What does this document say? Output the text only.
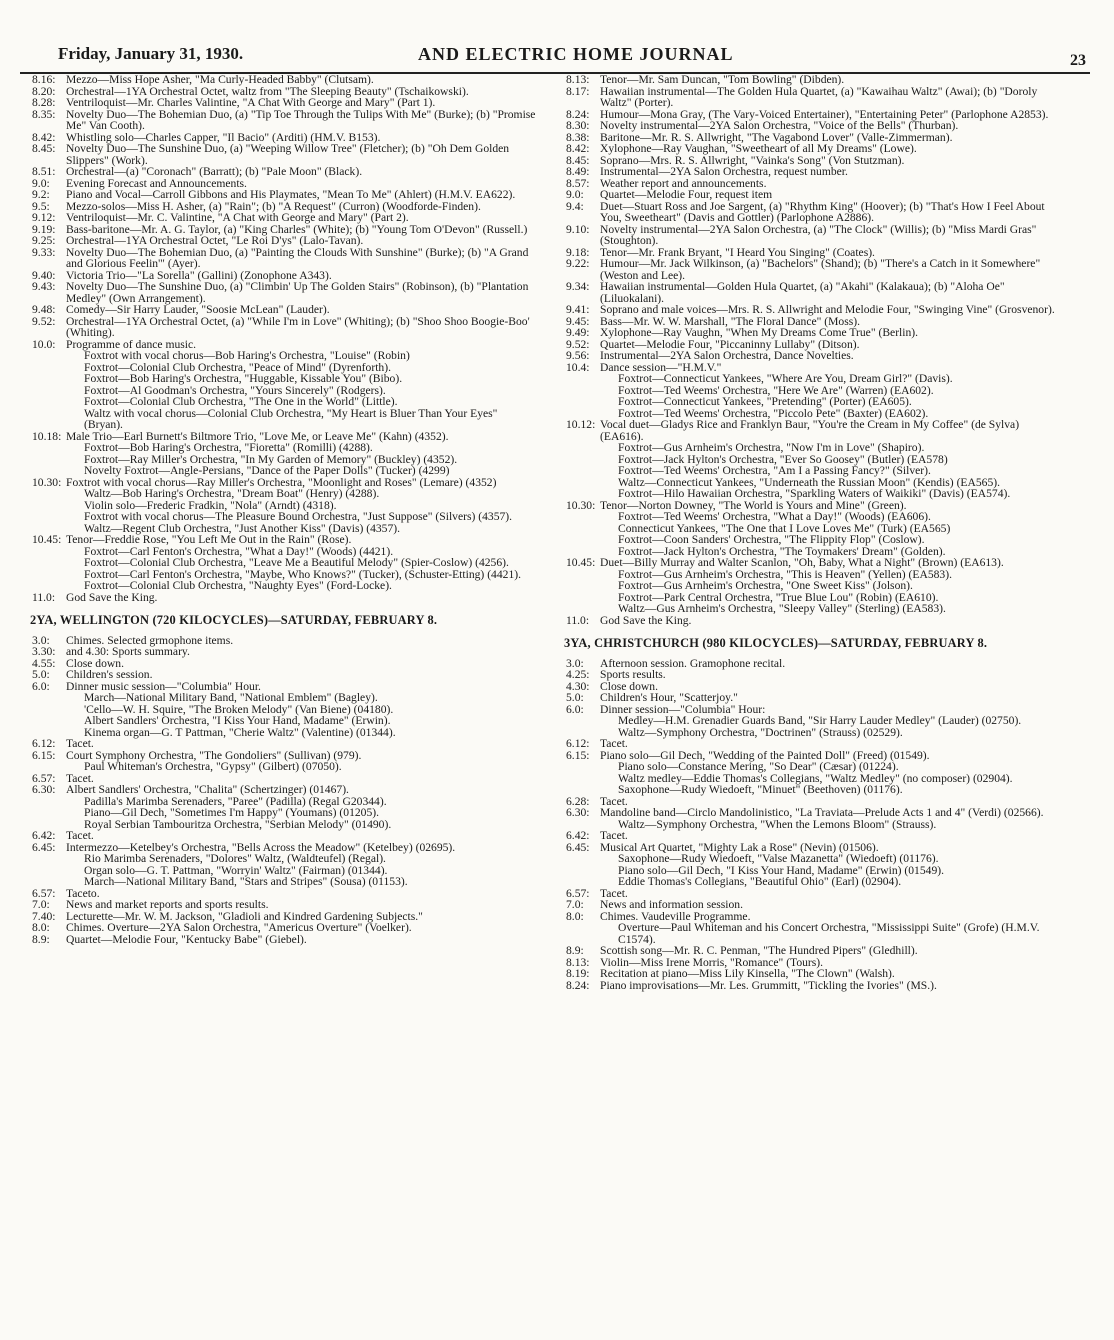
Friday, January 31, 1930.	AND ELECTRIC HOME JOURNAL	23
8.16: Mezzo—Miss Hope Asher, "Ma Curly-Headed Babby" (Clutsam).
8.20: Orchestral—1YA Orchestral Octet, waltz from "The Sleeping Beauty" (Tschaikowski).
8.28: Ventriloquist—Mr. Charles Valintine, "A Chat With George and Mary" (Part 1).
8.35: Novelty Duo—The Bohemian Duo, (a) "Tip Toe Through the Tulips With Me" (Burke); (b) "Promise Me" Van Cooth).
8.42: Whistling solo—Charles Capper, "Il Bacio" (Arditi) (HM.V. B153).
8.45: Novelty Duo—The Sunshine Duo, (a) "Weeping Willow Tree" (Fletcher); (b) "Oh Dem Golden Slippers" (Work).
8.51: Orchestral—(a) "Coronach" (Barratt); (b) "Pale Moon" (Black).
9.0:	Evening Forecast and Announcements.
9.2:	Piano and Vocal—Carroll Gibbons and His Playmates, "Mean To Me" (Ahlert) (H.M.V. EA622).
9.5:	Mezzo-solos—Miss H. Asher, (a) "Rain"; (b) "A Request" (Curron) (Woodforde-Finden).
9.12: Ventriloquist—Mr. C. Valintine, "A Chat with George and Mary" (Part 2).
9.19: Bass-baritone—Mr. A. G. Taylor, (a) "King Charles" (White); (b) "Young Tom O'Devon" (Russell.)
9.25: Orchestral—1YA Orchestral Octet, "Le Roi D'ys" (Lalo-Tavan).
9.33: Novelty Duo—The Bohemian Duo, (a) "Painting the Clouds With Sunshine" (Burke); (b) "A Grand and Glorious Feelin'" (Ayer).
9.40: Victoria Trio—"La Sorella" (Gallini) (Zonophone A343).
9.43: Novelty Duo—The Sunshine Duo, (a) "Climbin' Up The Golden Stairs" (Robinson), (b) "Plantation Medley" (Own Arrangement).
9.48: Comedy—Sir Harry Lauder, "Soosie McLean" (Lauder).
9.52: Orchestral—1YA Orchestral Octet, (a) "While I'm in Love" (Whiting); (b) "Shoo Shoo Boogie-Boo' (Whiting).
10.0: Programme of dance music.
Foxtrot with vocal chorus—Bob Haring's Orchestra, "Louise" (Robin)
Foxtrot—Colonial Club Orchestra, "Peace of Mind" (Dyrenforth).
Foxtrot—Bob Haring's Orchestra, "Huggable, Kissable You" (Bibo).
Foxtrot—Al Goodman's Orchestra, "Yours Sincerely" (Rodgers).
Foxtrot—Colonial Club Orchestra, "The One in the World" (Little).
Waltz with vocal chorus—Colonial Club Orchestra, "My Heart is Bluer Than Your Eyes" (Bryan).
10.18: Male Trio—Earl Burnett's Biltmore Trio, "Love Me, or Leave Me" (Kahn) (4352).
Foxtrot—Bob Haring's Orchestra, "Fioretta" (Romilli) (4288).
Foxtrot—Ray Miller's Orchestra, "In My Garden of Memory" (Buckley) (4352).
Novelty Foxtrot—Angle-Persians, "Dance of the Paper Dolls" (Tucker) (4299)
10.30: Foxtrot with vocal chorus—Ray Miller's Orchestra, "Moonlight and Roses" (Lemare) (4352)
Waltz—Bob Haring's Orchestra, "Dream Boat" (Henry) (4288).
Violin solo—Frederic Fradkin, "Nola" (Arndt) (4318).
Foxtrot with vocal chorus—The Pleasure Bound Orchestra, "Just Suppose" (Silvers) (4357).
Waltz—Regent Club Orchestra, "Just Another Kiss" (Davis) (4357).
10.45: Tenor—Freddie Rose, "You Left Me Out in the Rain" (Rose).
Foxtrot—Carl Fenton's Orchestra, "What a Day!" (Woods) (4421).
Foxtrot—Colonial Club Orchestra, "Leave Me a Beautiful Melody" (Spier-Coslow) (4256).
Foxtrot—Carl Fenton's Orchestra, "Maybe, Who Knows?" (Tucker), (Schuster-Etting) (4421).
Foxtrot—Colonial Club Orchestra, "Naughty Eyes" (Ford-Locke).
11.0: God Save the King.
2YA, WELLINGTON (720 KILOCYCLES)—SATURDAY, FEBRUARY 8.
3.0:	Chimes. Selected grmophone items.
3.30: and 4.30: Sports summary.
4.55: Close down.
5.0:	Children's session.
6.0:	Dinner music session—"Columbia" Hour.
March—National Military Band, "National Emblem" (Bagley).
'Cello—W. H. Squire, "The Broken Melody" (Van Biene) (04180).
Albert Sandlers' Orchestra, "I Kiss Your Hand, Madame" (Erwin).
Kinema organ—G. T Pattman, "Cherie Waltz" (Valentine) (01344).
6.12: Tacet.
6.15: Court Symphony Orchestra, "The Gondoliers" (Sullivan) (979).
Paul Whiteman's Orchestra, "Gypsy" (Gilbert) (07050).
6.57: Tacet.
6.30: Albert Sandlers' Orchestra, "Chalita" (Schertzinger) (01467).
Padilla's Marimba Serenaders, "Paree" (Padilla) (Regal G20344).
Piano—Gil Dech, "Sometimes I'm Happy" (Youmans) (01205).
Royal Serbian Tambouritza Orchestra, "Serbian Melody" (01490).
6.42: Tacet.
6.45: Intermezzo—Ketelbey's Orchestra, "Bells Across the Meadow" (Ketelbey) (02695).
Rio Marimba Serenaders, "Dolores" Waltz, (Waldteufel) (Regal).
Organ solo—G. T. Pattman, "Worryin' Waltz" (Fairman) (01344).
March—National Military Band, "Stars and Stripes" (Sousa) (01153).
6.57: Taceto.
7.0:	News and market reports and sports results.
7.40: Lecturette—Mr. W. M. Jackson, "Gladioli and Kindred Gardening Subjects."
8.0:	Chimes. Overture—2YA Salon Orchestra, "Americus Overture" (Voelker).
8.9:	Quartet—Melodie Four, "Kentucky Babe" (Giebel).
8.13: Tenor—Mr. Sam Duncan, "Tom Bowling" (Dibden).
8.17: Hawaiian instrumental—The Golden Hula Quartet, (a) "Kawaihau Waltz" (Awai); (b) "Doroly Waltz" (Porter).
8.24: Humour—Mona Gray, (The Vary-Voiced Entertainer), "Entertaining Peter" (Parlophone A2853).
8.30: Novelty instrumental—2YA Salon Orchestra, "Voice of the Bells" (Thurban).
8.38: Baritone—Mr. R. S. Allwright, "The Vagabond Lover" (Valle-Zimmerman).
8.42: Xylophone—Ray Vaughan, "Sweetheart of all My Dreams" (Lowe).
8.45: Soprano—Mrs. R. S. Allwright, "Vainka's Song" (Von Stutzman).
8.49: Instrumental—2YA Salon Orchestra, request number.
8.57: Weather report and announcements.
9.0:	Quartet—Melodie Four, request item
9.4:	Duet—Stuart Ross and Joe Sargent, (a) "Rhythm King" (Hoover); (b) "That's How I Feel About You, Sweetheart" (Davis and Gottler) (Parlophone A2886).
9.10: Novelty instrumental—2YA Salon Orchestra, (a) "The Clock" (Willis); (b) "Miss Mardi Gras" (Stoughton).
9.18: Tenor—Mr. Frank Bryant, "I Heard You Singing" (Coates).
9.22: Humour—Mr. Jack Wilkinson, (a) "Bachelors" (Shand); (b) "There's a Catch in it Somewhere" (Weston and Lee).
9.34: Hawaiian instrumental—Golden Hula Quartet, (a) "Akahi" (Kalakaua); (b) "Aloha Oe" (Liluokalani).
9.41: Soprano and male voices—Mrs. R. S. Allwright and Melodie Four, "Swinging Vine" (Grosvenor).
9.45: Bass—Mr. W. W. Marshall, "The Floral Dance" (Moss).
9.49: Xylophone—Ray Vaughn, "When My Dreams Come True" (Berlin).
9.52: Quartet—Melodie Four, "Piccaninny Lullaby" (Ditson).
9.56: Instrumental—2YA Salon Orchestra, Dance Novelties.
10.4: Dance session—"H.M.V."
Foxtrot—Connecticut Yankees, "Where Are You, Dream Girl?" (Davis).
Foxtrot—Ted Weems' Orchestra, "Here We Are" (Warren) (EA602).
Foxtrot—Connecticut Yankees, "Pretending" (Porter) (EA605).
Foxtrot—Ted Weems' Orchestra, "Piccolo Pete" (Baxter) (EA602).
10.12: Vocal duet—Gladys Rice and Franklyn Baur, "You're the Cream in My Coffee" (de Sylva) (EA616).
Foxtrot—Gus Arnheim's Orchestra, "Now I'm in Love" (Shapiro).
Foxtrot—Jack Hylton's Orchestra, "Ever So Goosey" (Butler) (EA578)
Foxtrot—Ted Weems' Orchestra, "Am I a Passing Fancy?" (Silver).
Waltz—Connecticut Yankees, "Underneath the Russian Moon" (Kendis) (EA565).
Foxtrot—Hilo Hawaiian Orchestra, "Sparkling Waters of Waikiki" (Davis) (EA574).
10.30: Tenor—Norton Downey, "The World is Yours and Mine" (Green).
Foxtrot—Ted Weems' Orchestra, "What a Day!" (Woods) (EA606).
Connecticut Yankees, "The One that I Love Loves Me" (Turk) (EA565)
Foxtrot—Coon Sanders' Orchestra, "The Flippity Flop" (Coslow).
Foxtrot—Jack Hylton's Orchestra, "The Toymakers' Dream" (Golden).
10.45: Duet—Billy Murray and Walter Scanlon, "Oh, Baby, What a Night" (Brown) (EA613).
Foxtrot—Gus Arnheim's Orchestra, "This is Heaven" (Yellen) (EA583).
Foxtrot—Gus Arnheim's Orchestra, "One Sweet Kiss" (Jolson).
Foxtrot—Park Central Orchestra, "True Blue Lou" (Robin) (EA610).
Waltz—Gus Arnheim's Orchestra, "Sleepy Valley" (Sterling) (EA583).
11.0: God Save the King.
3YA, CHRISTCHURCH (980 KILOCYCLES)—SATURDAY, FEBRUARY 8.
3.0:	Afternoon session. Gramophone recital.
4.25: Sports results.
4.30: Close down.
5.0:	Children's Hour, "Scatterjoy."
6.0:	Dinner session—"Columbia" Hour:
Medley—H.M. Grenadier Guards Band, "Sir Harry Lauder Medley" (Lauder) (02750).
Waltz—Symphony Orchestra, "Doctrinen" (Strauss) (02529).
6.12: Tacet.
6.15: Piano solo—Gil Dech, "Wedding of the Painted Doll" (Freed) (01549).
Piano solo—Constance Mering, "So Dear" (Cæsar) (01224).
Waltz medley—Eddie Thomas's Collegians, "Waltz Medley" (no composer) (02904).
Saxophone—Rudy Wiedoeft, "Minuet" (Beethoven) (01176).
6.28: Tacet.
6.30: Mandoline band—Circlo Mandolinistico, "La Traviata—Prelude Acts 1 and 4" (Verdi) (02566).
Waltz—Symphony Orchestra, "When the Lemons Bloom" (Strauss).
6.42: Tacet.
6.45: Musical Art Quartet, "Mighty Lak a Rose" (Nevin) (01506).
Saxophone—Rudy Wiedoeft, "Valse Mazanetta" (Wiedoeft) (01176).
Piano solo—Gil Dech, "I Kiss Your Hand, Madame" (Erwin) (01549).
Eddie Thomas's Collegians, "Beautiful Ohio" (Earl) (02904).
6.57: Tacet.
7.0:	News and information session.
8.0:	Chimes. Vaudeville Programme.
Overture—Paul Whiteman and his Concert Orchestra, "Mississippi Suite" (Grofe) (H.M.V. C1574).
8.9:	Scottish song—Mr. R. C. Penman, "The Hundred Pipers" (Gledhill).
8.13: Violin—Miss Irene Morris, "Romance" (Tours).
8.19: Recitation at piano—Miss Lily Kinsella, "The Clown" (Walsh).
8.24: Piano improvisations—Mr. Les. Grummitt, "Tickling the Ivories" (MS.).
